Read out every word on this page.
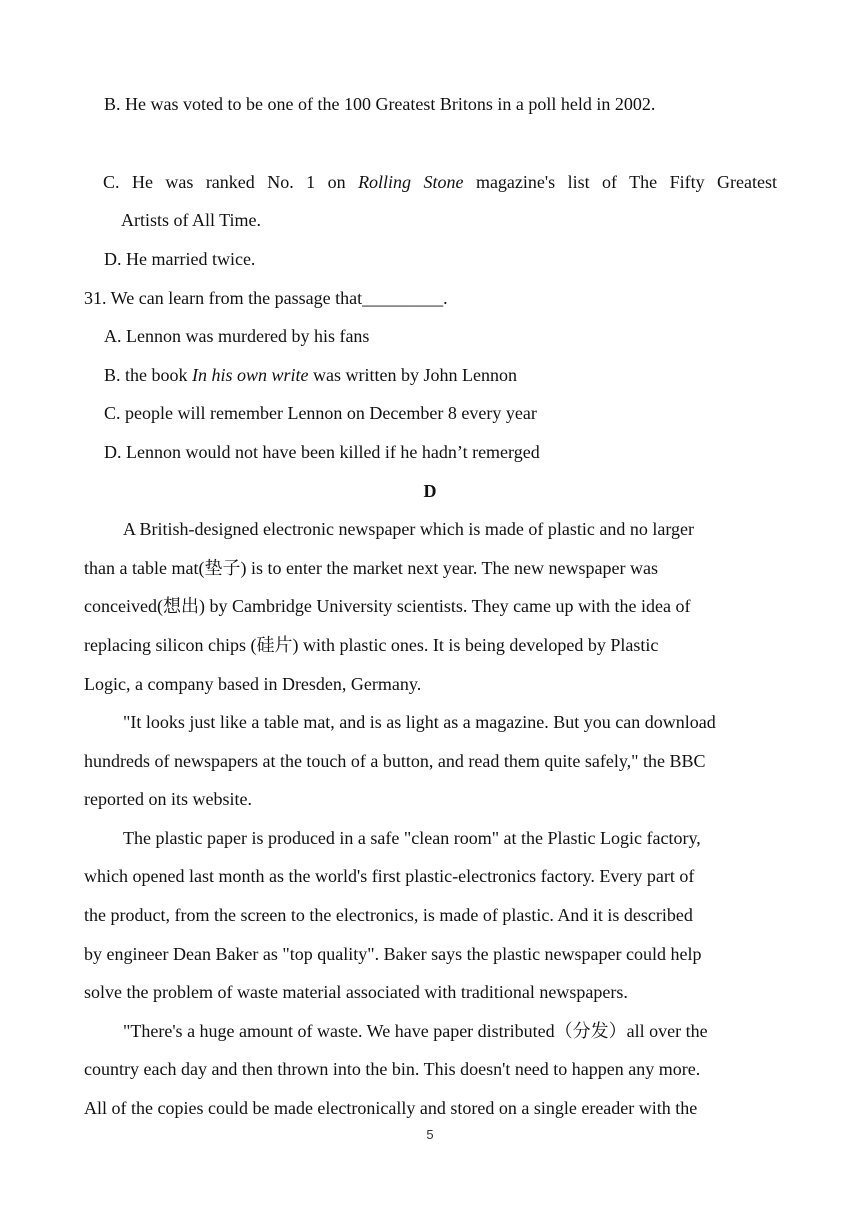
B. He was voted to be one of the 100 Greatest Britons in a poll held in 2002.
C. He was ranked No. 1 on Rolling Stone magazine's list of The Fifty Greatest
Artists of All Time.
D. He married twice.
31. We can learn from the passage that_________.
A. Lennon was murdered by his fans
B. the book In his own write was written by John Lennon
C. people will remember Lennon on December 8 every year
D. Lennon would not have been killed if he hadn’t remerged
D
A British-designed electronic newspaper which is made of plastic and no larger
than a table mat(垫子) is to enter the market next year. The new newspaper was
conceived(想出) by Cambridge University scientists. They came up with the idea of
replacing silicon chips (硅片) with plastic ones. It is being developed by Plastic
Logic, a company based in Dresden, Germany.
"It looks just like a table mat, and is as light as a magazine. But you can download
hundreds of newspapers at the touch of a button, and read them quite safely," the BBC
reported on its website.
The plastic paper is produced in a safe "clean room" at the Plastic Logic factory,
which opened last month as the world's first plastic-electronics factory. Every part of
the product, from the screen to the electronics, is made of plastic. And it is described
by engineer Dean Baker as "top quality". Baker says the plastic newspaper could help
solve the problem of waste material associated with traditional newspapers.
"There's a huge amount of waste. We have paper distributed（分发）all over the
country each day and then thrown into the bin. This doesn't need to happen any more.
All of the copies could be made electronically and stored on a single ereader with the
5
